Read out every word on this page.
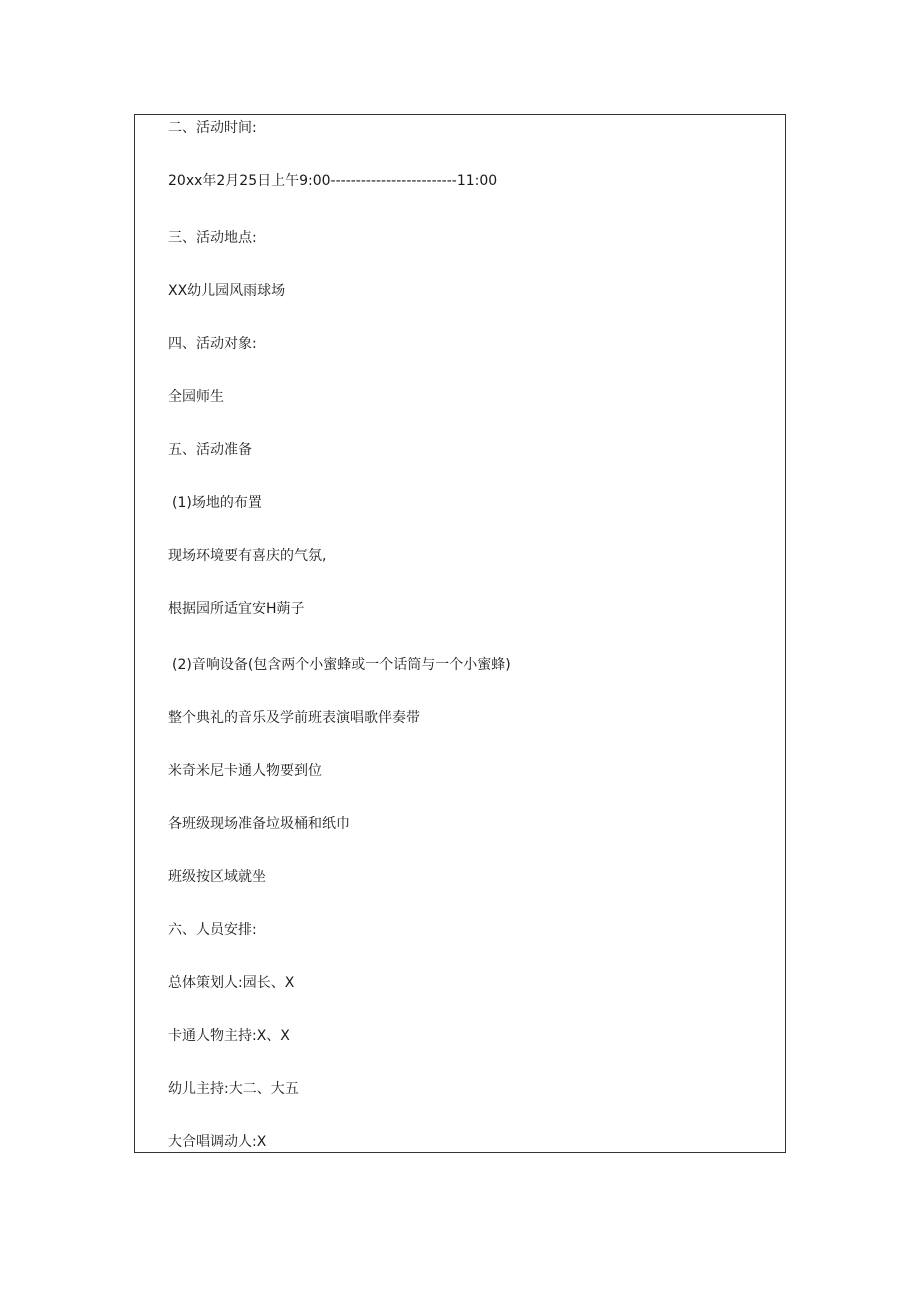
二、活动时间:
20xx年2月25日上午9:00-------------------------11:00
三、活动地点:
XX幼儿园风雨球场
四、活动对象:
全园师生
五、活动准备
(1)场地的布置
现场环境要有喜庆的气氛,
根据园所适宜安H蒴子
(2)音响设备(包含两个小蜜蜂或一个话筒与一个小蜜蜂)
整个典礼的音乐及学前班表演唱歌伴奏带
米奇米尼卡通人物要到位
各班级现场准备垃圾桶和纸巾
班级按区域就坐
六、人员安排:
总体策划人:园长、X
卡通人物主持:X、X
幼儿主持:大二、大五
大合唱调动人:X
